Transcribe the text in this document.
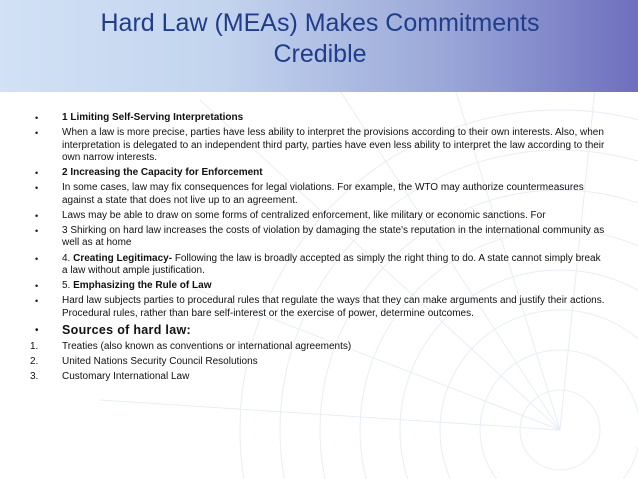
Hard Law (MEAs) Makes Commitments
Credible
•	1 Limiting Self-Serving Interpretations
•	When a law is more precise, parties have less ability to interpret the provisions according to their own interests. Also, when interpretation is delegated to an independent third party, parties have even less ability to interpret the law according to their own narrow interests.
•	2 Increasing the Capacity for Enforcement
•	In some cases, law may fix consequences for legal violations. For example, the WTO may authorize countermeasures against a state that does not live up to an agreement.
•	Laws may be able to draw on some forms of centralized enforcement, like military or economic sanctions. For
•	3 Shirking on hard law increases the costs of violation by damaging the state's reputation in the international community as well as at home
•	4. Creating Legitimacy- Following the law is broadly accepted as simply the right thing to do. A state cannot simply break a law without ample justification.
•	5. Emphasizing the Rule of Law
•	Hard law subjects parties to procedural rules that regulate the ways that they can make arguments and justify their actions. Procedural rules, rather than bare self-interest or the exercise of power, determine outcomes.
•	Sources of hard law:
1.	Treaties (also known as conventions or international agreements)
2.	United Nations Security Council Resolutions
3.	Customary International Law
